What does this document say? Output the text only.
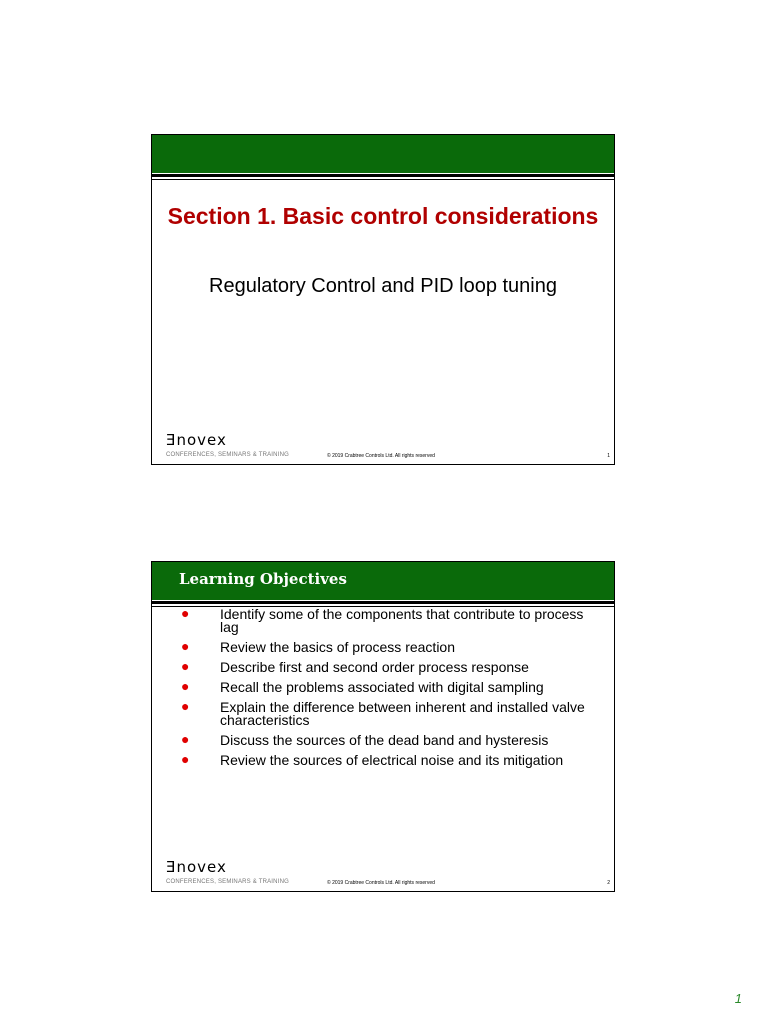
Section 1. Basic control considerations
Regulatory Control and PID loop tuning
Ǝnovex
CONFERENCES, SEMINARS & TRAINING	© 2019 Crabtree Controls Ltd. All rights reserved	1
Learning Objectives
● Identify some of the components that contribute to process lag
● Review the basics of process reaction
● Describe first and second order process response
● Recall the problems associated with digital sampling
● Explain the difference between inherent and installed valve characteristics
● Discuss the sources of the dead band and hysteresis
● Review the sources of electrical noise and its mitigation
Ǝnovex
CONFERENCES, SEMINARS & TRAINING	© 2019 Crabtree Controls Ltd. All rights reserved	2
1
